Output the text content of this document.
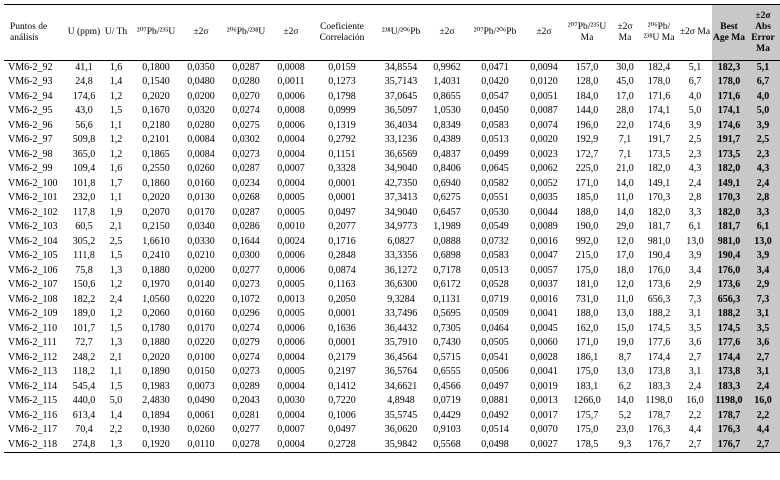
Puntos de análisis	U (ppm)	U/ Th	²⁰⁷Pb/²³⁵U	±2σ	²⁰⁶Pb/²³⁸U	±2σ	Coeficiente Correlación	²³⁸U/²⁰⁶Pb	±2σ	²⁰⁷Pb/²⁰⁶Pb	±2σ	²⁰⁷Pb/²³⁵U Ma	±2σ Ma	²⁰⁶Pb/²³⁸U Ma	±2σ Ma	Best Age Ma	±2σ Abs Error Ma
VM6-2_92	41,1	1,6	0,1800	0,0350	0,0287	0,0008	0,0159	34,8554	0,9962	0,0471	0,0094	157,0	30,0	182,4	5,1	182,3	5,1
VM6-2_93	24,8	1,4	0,1540	0,0480	0,0280	0,0011	0,1273	35,7143	1,4031	0,0420	0,0120	128,0	45,0	178,0	6,7	178,0	6,7
VM6-2_94	174,6	1,2	0,2020	0,0200	0,0270	0,0006	0,1798	37,0645	0,8655	0,0547	0,0051	184,0	17,0	171,6	4,0	171,6	4,0
VM6-2_95	43,0	1,5	0,1670	0,0320	0,0274	0,0008	0,0999	36,5097	1,0530	0,0450	0,0087	144,0	28,0	174,1	5,0	174,1	5,0
VM6-2_96	56,6	1,1	0,2180	0,0280	0,0275	0,0006	0,1319	36,4034	0,8349	0,0583	0,0074	196,0	22,0	174,6	3,9	174,6	3,9
VM6-2_97	509,8	1,2	0,2101	0,0084	0,0302	0,0004	0,2792	33,1236	0,4389	0,0513	0,0020	192,9	7,1	191,7	2,5	191,7	2,5
VM6-2_98	365,0	1,2	0,1865	0,0084	0,0273	0,0004	0,1151	36,6569	0,4837	0,0499	0,0023	172,7	7,1	173,5	2,3	173,5	2,3
VM6-2_99	109,4	1,6	0,2550	0,0260	0,0287	0,0007	0,3328	34,9040	0,8406	0,0645	0,0062	225,0	21,0	182,0	4,3	182,0	4,3
VM6-2_100	101,8	1,7	0,1860	0,0160	0,0234	0,0004	0,0001	42,7350	0,6940	0,0582	0,0052	171,0	14,0	149,1	2,4	149,1	2,4
VM6-2_101	232,0	1,1	0,2020	0,0130	0,0268	0,0005	0,0001	37,3413	0,6275	0,0551	0,0035	185,0	11,0	170,3	2,8	170,3	2,8
VM6-2_102	117,8	1,9	0,2070	0,0170	0,0287	0,0005	0,0497	34,9040	0,6457	0,0530	0,0044	188,0	14,0	182,0	3,3	182,0	3,3
VM6-2_103	60,5	2,1	0,2150	0,0340	0,0286	0,0010	0,2077	34,9773	1,1989	0,0549	0,0089	190,0	29,0	181,7	6,1	181,7	6,1
VM6-2_104	305,2	2,5	1,6610	0,0330	0,1644	0,0024	0,1716	6,0827	0,0888	0,0732	0,0016	992,0	12,0	981,0	13,0	981,0	13,0
VM6-2_105	111,8	1,5	0,2410	0,0210	0,0300	0,0006	0,2848	33,3356	0,6898	0,0583	0,0047	215,0	17,0	190,4	3,9	190,4	3,9
VM6-2_106	75,8	1,3	0,1880	0,0200	0,0277	0,0006	0,0874	36,1272	0,7178	0,0513	0,0057	175,0	18,0	176,0	3,4	176,0	3,4
VM6-2_107	150,6	1,2	0,1970	0,0140	0,0273	0,0005	0,1163	36,6300	0,6172	0,0528	0,0037	181,0	12,0	173,6	2,9	173,6	2,9
VM6-2_108	182,2	2,4	1,0560	0,0220	0,1072	0,0013	0,2050	9,3284	0,1131	0,0719	0,0016	731,0	11,0	656,3	7,3	656,3	7,3
VM6-2_109	189,0	1,2	0,2060	0,0160	0,0296	0,0005	0,0001	33,7496	0,5695	0,0509	0,0041	188,0	13,0	188,2	3,1	188,2	3,1
VM6-2_110	101,7	1,5	0,1780	0,0170	0,0274	0,0006	0,1636	36,4432	0,7305	0,0464	0,0045	162,0	15,0	174,5	3,5	174,5	3,5
VM6-2_111	72,7	1,3	0,1880	0,0220	0,0279	0,0006	0,0001	35,7910	0,7430	0,0505	0,0060	171,0	19,0	177,6	3,6	177,6	3,6
VM6-2_112	248,2	2,1	0,2020	0,0100	0,0274	0,0004	0,2179	36,4564	0,5715	0,0541	0,0028	186,1	8,7	174,4	2,7	174,4	2,7
VM6-2_113	118,2	1,1	0,1890	0,0150	0,0273	0,0005	0,2197	36,5764	0,6555	0,0506	0,0041	175,0	13,0	173,8	3,1	173,8	3,1
VM6-2_114	545,4	1,5	0,1983	0,0073	0,0289	0,0004	0,1412	34,6621	0,4566	0,0497	0,0019	183,1	6,2	183,3	2,4	183,3	2,4
VM6-2_115	440,0	5,0	2,4830	0,0490	0,2043	0,0030	0,7220	4,8948	0,0719	0,0881	0,0013	1266,0	14,0	1198,0	16,0	1198,0	16,0
VM6-2_116	613,4	1,4	0,1894	0,0061	0,0281	0,0004	0,1006	35,5745	0,4429	0,0492	0,0017	175,7	5,2	178,7	2,2	178,7	2,2
VM6-2_117	70,4	2,2	0,1930	0,0260	0,0277	0,0007	0,0497	36,0620	0,9103	0,0514	0,0070	175,0	23,0	176,3	4,4	176,3	4,4
VM6-2_118	274,8	1,3	0,1920	0,0110	0,0278	0,0004	0,2728	35,9842	0,5568	0,0498	0,0027	178,5	9,3	176,7	2,7	176,7	2,7
